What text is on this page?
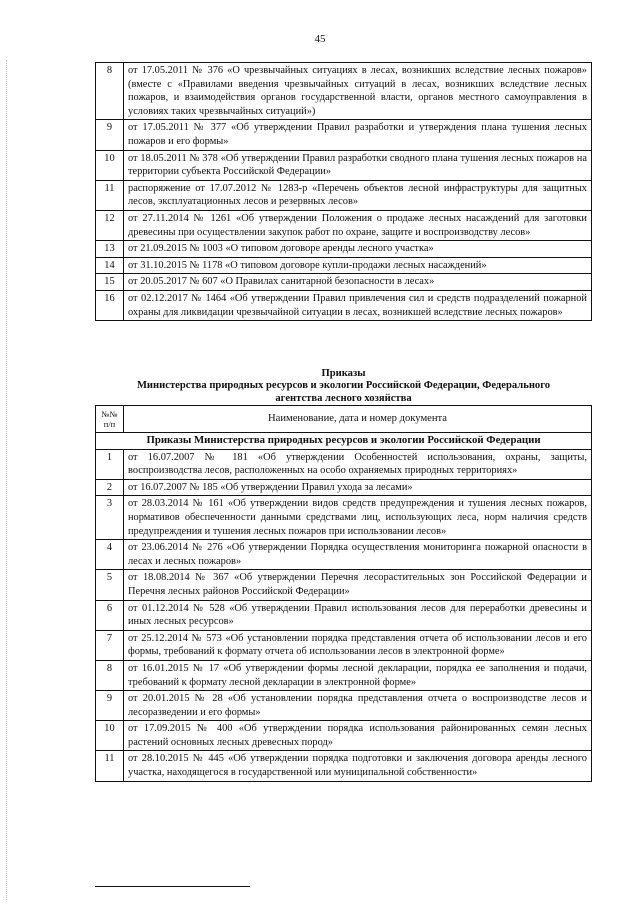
45
8	от 17.05.2011 № 376 «О чрезвычайных ситуациях в лесах, возникших вследствие лесных пожаров» (вместе с «Правилами введения чрезвычайных ситуаций в лесах, возникших вследствие лесных пожаров, и взаимодействия органов государственной власти, органов местного самоуправления в условиях таких чрезвычайных ситуаций»)
9	от 17.05.2011 № 377 «Об утверждении Правил разработки и утверждения плана тушения лесных пожаров и его формы»
10	от 18.05.2011 № 378 «Об утверждении Правил разработки сводного плана тушения лесных пожаров на территории субъекта Российской Федерации»
11	распоряжение от 17.07.2012 № 1283-р «Перечень объектов лесной инфраструктуры для защитных лесов, эксплуатационных лесов и резервных лесов»
12	от 27.11.2014 № 1261 «Об утверждении Положения о продаже лесных насаждений для заготовки древесины при осуществлении закупок работ по охране, защите и воспроизводству лесов»
13	от 21.09.2015 № 1003 «О типовом договоре аренды лесного участка»
14	от 31.10.2015 № 1178 «О типовом договоре купли-продажи лесных насаждений»
15	от 20.05.2017 № 607 «О Правилах санитарной безопасности в лесах»
16	от 02.12.2017 № 1464 «Об утверждении Правил привлечения сил и средств подразделений пожарной охраны для ликвидации чрезвычайной ситуации в лесах, возникшей вследствие лесных пожаров»
Приказы
Министерства природных ресурсов и экологии Российской Федерации, Федерального
агентства лесного хозяйства
№№ п/п	Наименование, дата и номер документа
Приказы Министерства природных ресурсов и экологии Российской Федерации	
1	от 16.07.2007 № 181 «Об утверждении Особенностей использования, охраны, защиты, воспроизводства лесов, расположенных на особо охраняемых природных территориях»
2	от 16.07.2007 № 185 «Об утверждении Правил ухода за лесами»
3	от 28.03.2014 № 161 «Об утверждении видов средств предупреждения и тушения лесных пожаров, нормативов обеспеченности данными средствами лиц, использующих леса, норм наличия средств предупреждения и тушения лесных пожаров при использовании лесов»
4	от 23.06.2014 № 276 «Об утверждении Порядка осуществления мониторинга пожарной опасности в лесах и лесных пожаров»
5	от 18.08.2014 № 367 «Об утверждении Перечня лесорастительных зон Российской Федерации и Перечня лесных районов Российской Федерации»
6	от 01.12.2014 № 528 «Об утверждении Правил использования лесов для переработки древесины и иных лесных ресурсов»
7	от 25.12.2014 № 573 «Об установлении порядка представления отчета об использовании лесов и его формы, требований к формату отчета об использовании лесов в электронной форме»
8	от 16.01.2015 № 17 «Об утверждении формы лесной декларации, порядка ее заполнения и подачи, требований к формату лесной декларации в электронной форме»
9	от 20.01.2015 № 28 «Об установлении порядка представления отчета о воспроизводстве лесов и лесоразведении и его формы»
10	от 17.09.2015 № 400 «Об утверждении порядка использования районированных семян лесных растений основных лесных древесных пород»
11	от 28.10.2015 № 445 «Об утверждении порядка подготовки и заключения договора аренды лесного участка, находящегося в государственной или муниципальной собственности»
